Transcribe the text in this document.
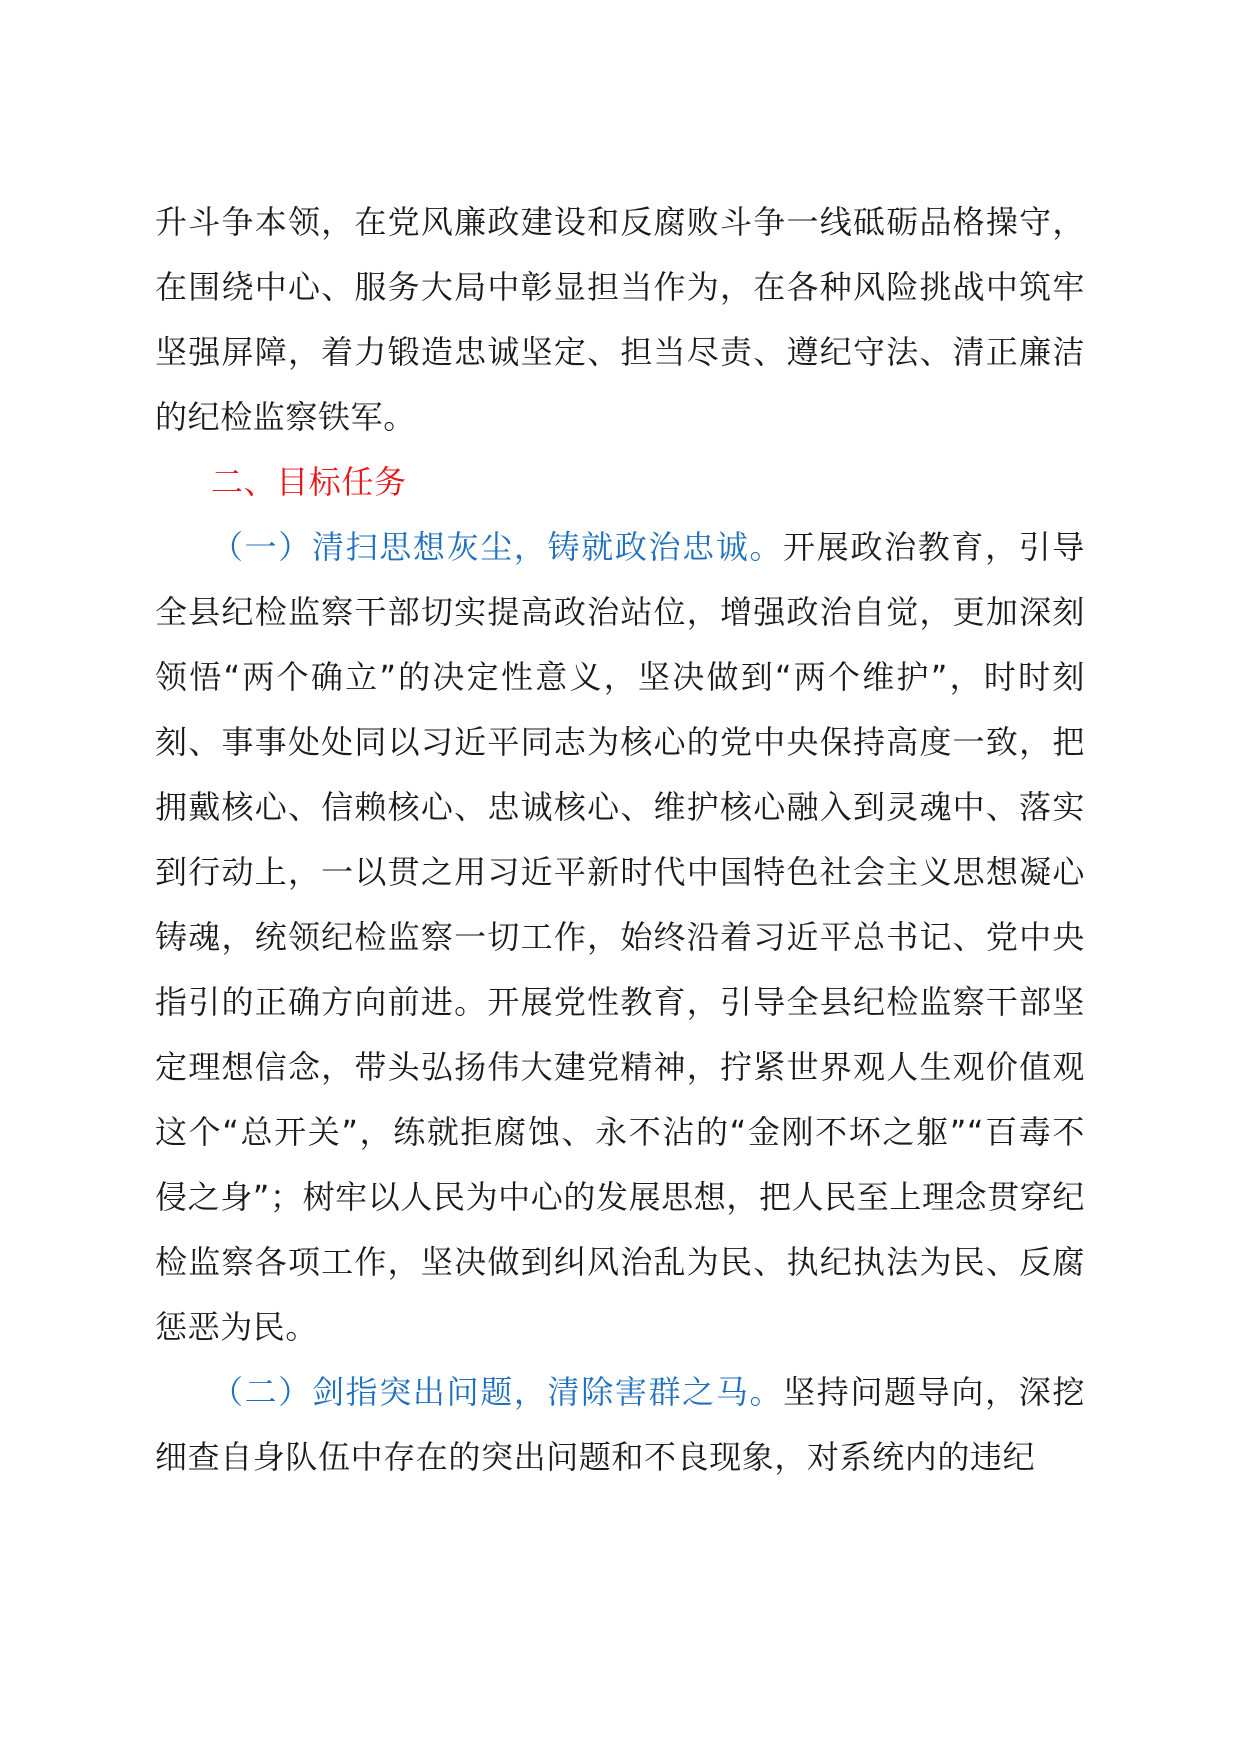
升斗争本领，在党风廉政建设和反腐败斗争一线砥砺品格操守，在围绕中心、服务大局中彰显担当作为，在各种风险挑战中筑牢坚强屏障，着力锻造忠诚坚定、担当尽责、遵纪守法、清正廉洁的纪检监察铁军。

二、目标任务

（一）清扫思想灰尘，铸就政治忠诚。开展政治教育，引导全县纪检监察干部切实提高政治站位，增强政治自觉，更加深刻领悟“两个确立”的决定性意义，坚决做到“两个维护”，时时刻刻、事事处处同以习近平同志为核心的党中央保持高度一致，把拥戴核心、信赖核心、忠诚核心、维护核心融入到灵魂中、落实到行动上，一以贯之用习近平新时代中国特色社会主义思想凝心铸魂，统领纪检监察一切工作，始终沿着习近平总书记、党中央指引的正确方向前进。开展党性教育，引导全县纪检监察干部坚定理想信念，带头弘扬伟大建党精神，拧紧世界观人生观价值观这个“总开关”，练就拒腐蚀、永不沾的“金刚不坏之躯”“百毒不侵之身”；树牢以人民为中心的发展思想，把人民至上理念贯穿纪检监察各项工作，坚决做到纠风治乱为民、执纪执法为民、反腐惩恶为民。

（二）剑指突出问题，清除害群之马。坚持问题导向，深挖细查自身队伍中存在的突出问题和不良现象，对系统内的违纪
